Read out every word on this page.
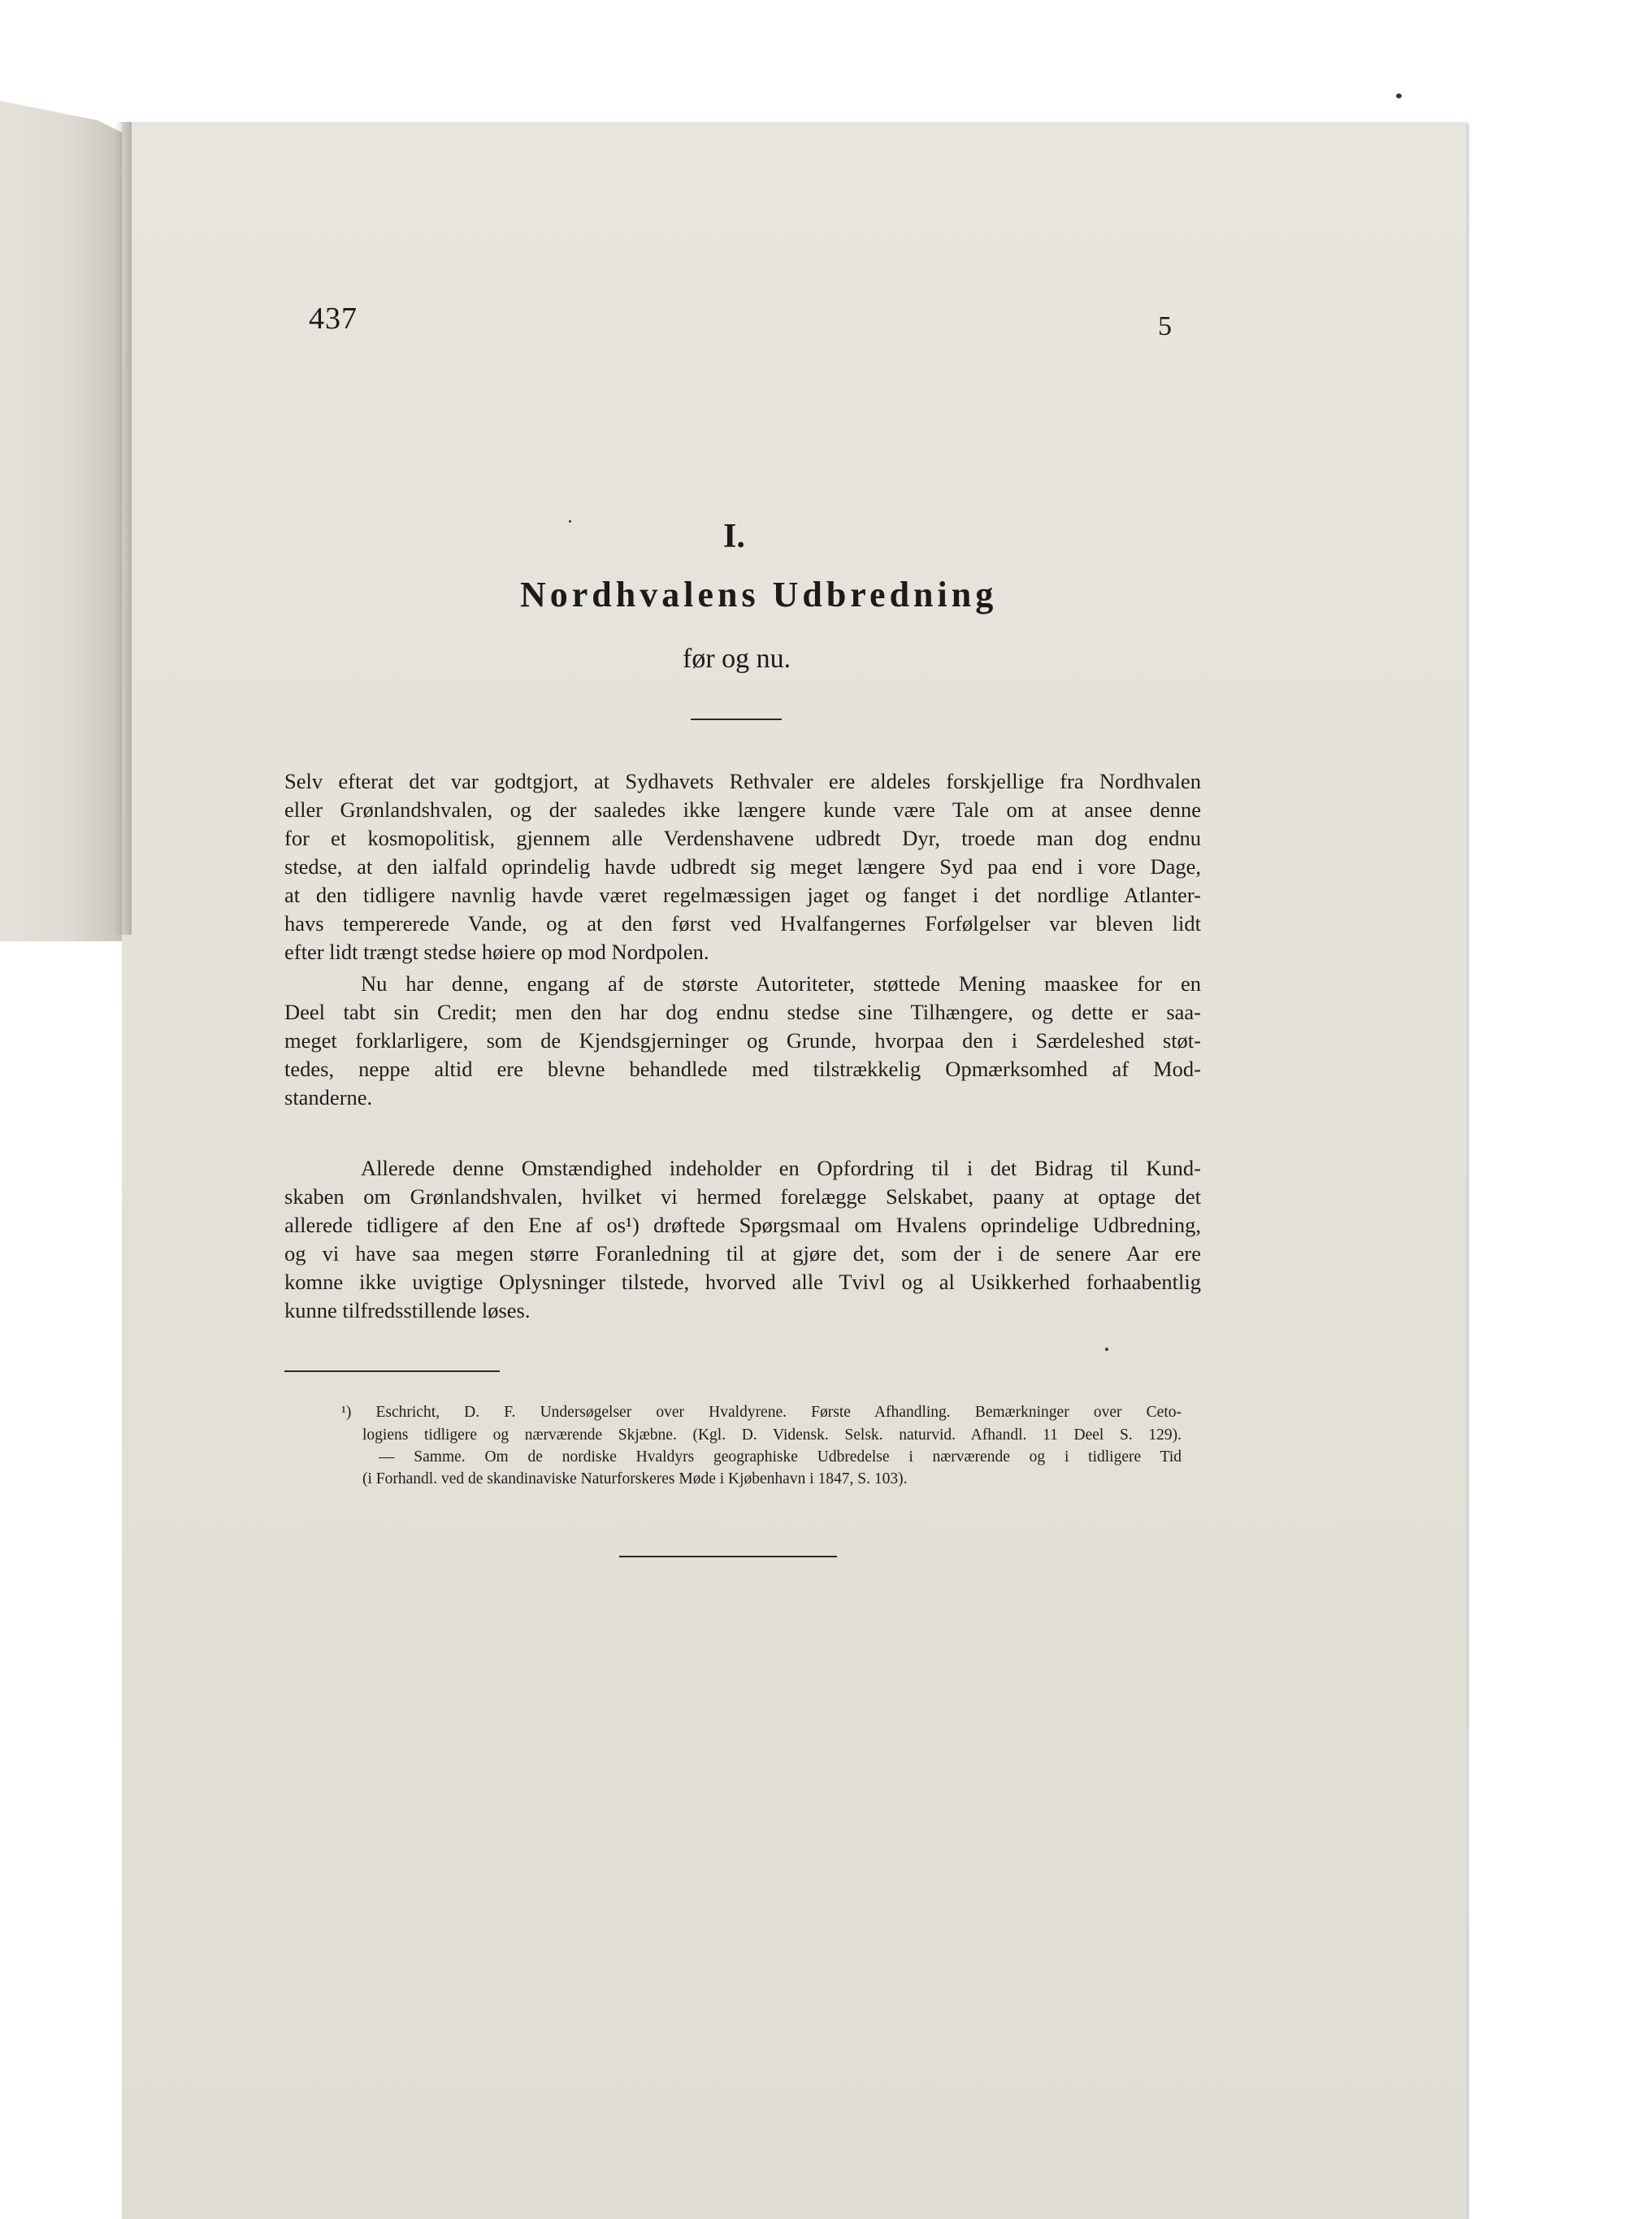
437	5
I.
Nordhvalens Udbredning
før og nu.
Selv efterat det var godtgjort, at Sydhavets Rethvaler ere aldeles forskjellige fra Nordhvalen
eller Grønlandshvalen, og der saaledes ikke længere kunde være Tale om at ansee denne
for et kosmopolitisk, gjennem alle Verdenshavene udbredt Dyr, troede man dog endnu
stedse, at den ialfald oprindelig havde udbredt sig meget længere Syd paa end i vore Dage,
at den tidligere navnlig havde været regelmæssigen jaget og fanget i det nordlige Atlanter-
havs tempererede Vande, og at den først ved Hvalfangernes Forfølgelser var bleven lidt
efter lidt trængt stedse høiere op mod Nordpolen.
Nu har denne, engang af de største Autoriteter, støttede Mening maaskee for en
Deel tabt sin Credit; men den har dog endnu stedse sine Tilhængere, og dette er saa-
meget forklarligere, som de Kjendsgjerninger og Grunde, hvorpaa den i Særdeleshed støt-
tedes, neppe altid ere blevne behandlede med tilstrækkelig Opmærksomhed af Mod-
standerne.
Allerede denne Omstændighed indeholder en Opfordring til i det Bidrag til Kund-
skaben om Grønlandshvalen, hvilket vi hermed forelægge Selskabet, paany at optage det
allerede tidligere af den Ene af os¹) drøftede Spørgsmaal om Hvalens oprindelige Udbredning,
og vi have saa megen større Foranledning til at gjøre det, som der i de senere Aar ere
komne ikke uvigtige Oplysninger tilstede, hvorved alle Tvivl og al Usikkerhed forhaabentlig
kunne tilfredsstillende løses.
¹) Eschricht, D. F. Undersøgelser over Hvaldyrene. Første Afhandling. Bemærkninger over Ceto-
logiens tidligere og nærværende Skjæbne. (Kgl. D. Vidensk. Selsk. naturvid. Afhandl. 11 Deel S. 129).
— Samme. Om de nordiske Hvaldyrs geographiske Udbredelse i nærværende og i tidligere Tid
(i Forhandl. ved de skandinaviske Naturforskeres Møde i Kjøbenhavn i 1847, S. 103).
